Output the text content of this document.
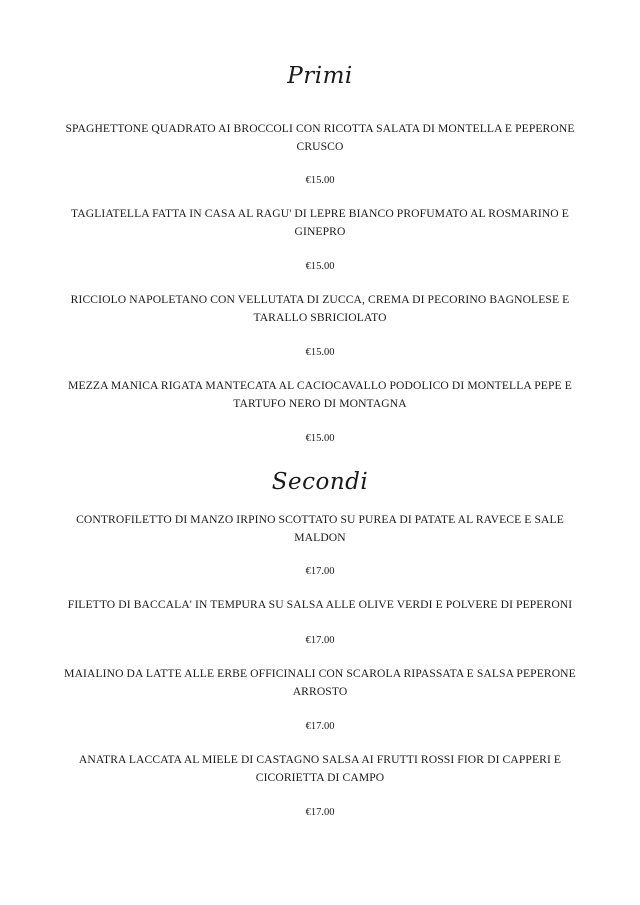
Primi
SPAGHETTONE QUADRATO AI BROCCOLI CON RICOTTA SALATA DI MONTELLA E PEPERONE CRUSCO
€15.00
TAGLIATELLA FATTA IN CASA AL RAGU' DI LEPRE BIANCO PROFUMATO AL ROSMARINO E GINEPRO
€15.00
RICCIOLO NAPOLETANO CON VELLUTATA DI ZUCCA, CREMA DI PECORINO BAGNOLESE E TARALLO SBRICIOLATO
€15.00
MEZZA MANICA RIGATA MANTECATA AL CACIOCAVALLO PODOLICO DI MONTELLA PEPE E TARTUFO NERO DI MONTAGNA
€15.00
Secondi
CONTROFILETTO DI MANZO IRPINO SCOTTATO SU PUREA DI PATATE AL RAVECE E SALE MALDON
€17.00
FILETTO DI BACCALA' IN TEMPURA SU SALSA ALLE OLIVE VERDI E POLVERE DI PEPERONI
€17.00
MAIALINO DA LATTE ALLE ERBE OFFICINALI CON SCAROLA RIPASSATA E SALSA PEPERONE ARROSTO
€17.00
ANATRA LACCATA AL MIELE DI CASTAGNO SALSA AI FRUTTI ROSSI FIOR DI CAPPERI E CICORIETTA DI CAMPO
€17.00
